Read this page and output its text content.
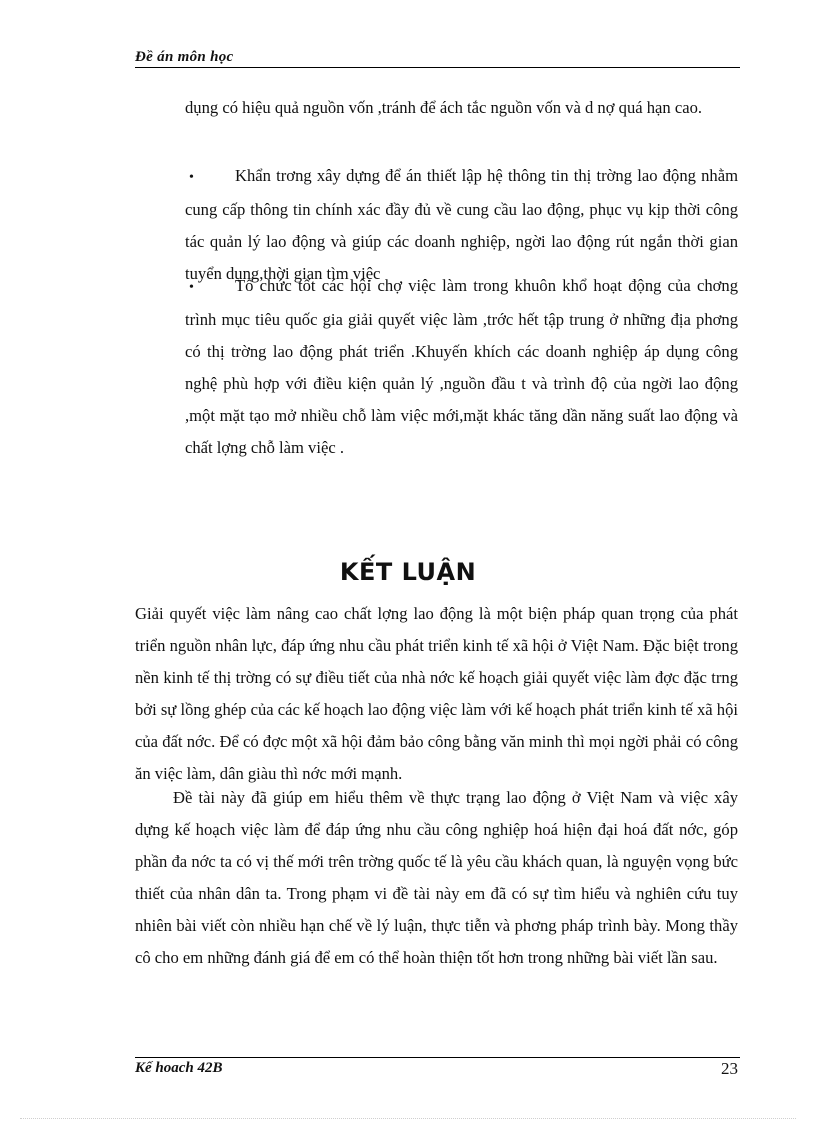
Đề án môn học

dụng có hiệu quả nguồn vốn ,tránh để ách tắc nguồn vốn và d nợ quá hạn cao.

• Khẩn trơng xây dựng để án thiết lập hệ thông tin thị trờng lao động nhằm cung cấp thông tin chính xác đầy đủ về cung cầu lao động, phục vụ kịp thời công tác quản lý lao động và giúp các doanh nghiệp, ngời lao động rút ngắn thời gian tuyển dụng,thời gian tìm việc

• Tổ chức tốt các hội chợ việc làm trong khuôn khổ hoạt động của chơng trình mục tiêu quốc gia giải quyết việc làm ,trớc hết tập trung ở những địa phơng có thị trờng lao động phát triển .Khuyến khích các doanh nghiệp áp dụng công nghệ phù hợp với điều kiện quản lý ,nguồn đầu t và trình độ của ngời lao động ,một mặt tạo mở nhiều chỗ làm việc mới,mặt khác tăng dần năng suất lao động và chất lợng chỗ làm việc .

KẾT LUẬN

Giải quyết việc làm nâng cao chất lợng lao động là một biện pháp quan trọng của phát triển nguồn nhân lực, đáp ứng nhu cầu phát triển kinh tế xã hội ở Việt Nam. Đặc biệt trong nền kinh tế thị trờng có sự điều tiết của nhà nớc kế hoạch giải quyết việc làm đợc đặc trng bởi sự lồng ghép của các kế hoạch lao động việc làm với kế hoạch phát triển kinh tế xã hội của đất nớc. Để có đợc một xã hội đảm bảo công bằng văn minh thì mọi ngời phải có công ăn việc làm, dân giàu thì nớc mới mạnh.

Đề tài này đã giúp em hiểu thêm về thực trạng lao động ở Việt Nam và việc xây dựng kế hoạch việc làm để đáp ứng nhu cầu công nghiệp hoá hiện đại hoá đất nớc, góp phần đa nớc ta có vị thế mới trên trờng quốc tế là yêu cầu khách quan, là nguyện vọng bức thiết của nhân dân ta. Trong phạm vi đề tài này em đã có sự tìm hiểu và nghiên cứu tuy nhiên bài viết còn nhiều hạn chế về lý luận, thực tiễn và phơng pháp trình bày. Mong thầy cô cho em những đánh giá để em có thể hoàn thiện tốt hơn trong những bài viết lần sau.

Kế hoach 42B	23
